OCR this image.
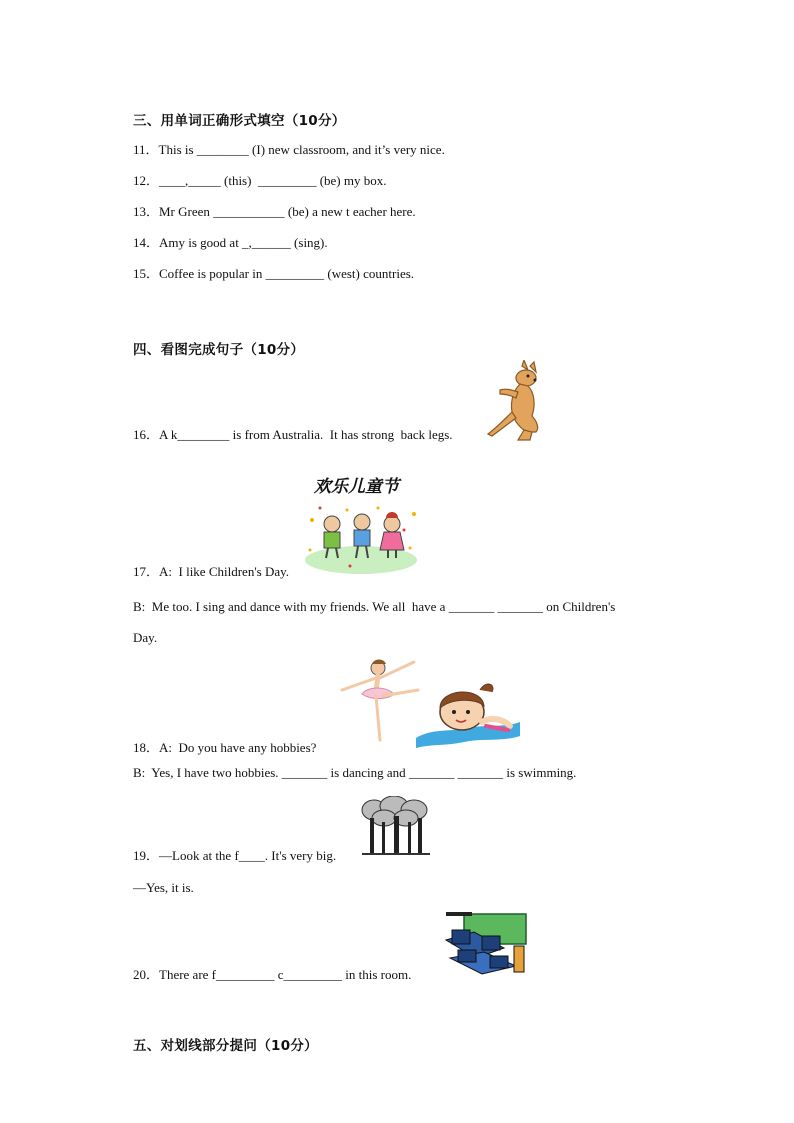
三、用单词正确形式填空（10分）
11．This is ________ (I) new classroom, and it’s very nice.
12．____,_____ (this)  _________ (be) my box.
13．Mr Green ___________ (be) a new t eacher here.
14．Amy is good at _,______ (sing).
15．Coffee is popular in _________ (west) countries.
四、看图完成句子（10分）
16．A k________ is from Australia.  It has strong  back legs.
欢乐儿童节
17．A:  I like Children's Day.
B:  Me too. I sing and dance with my friends. We all  have a _______ _______ on Children's
Day.
18．A:  Do you have any hobbies?
B:  Yes, I have two hobbies. _______ is dancing and _______ _______ is swimming.
19．—Look at the f____. It's very big.
—Yes, it is.
20．There are f_________ c_________ in this room.
五、对划线部分提问（10分）
